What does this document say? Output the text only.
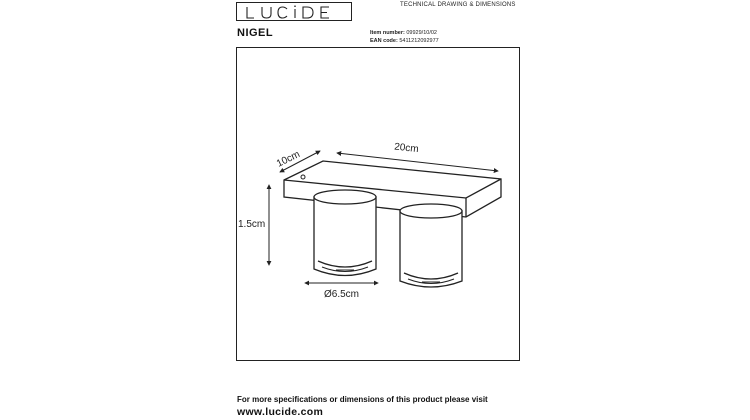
TECHNICAL DRAWING & DIMENSIONS
NIGEL	Item number: 09929/10/02
EAN code: 5411212092977
10cm
20cm
1.5cm
Ø6.5cm
For more specifications or dimensions of this product please visit
www.lucide.com
